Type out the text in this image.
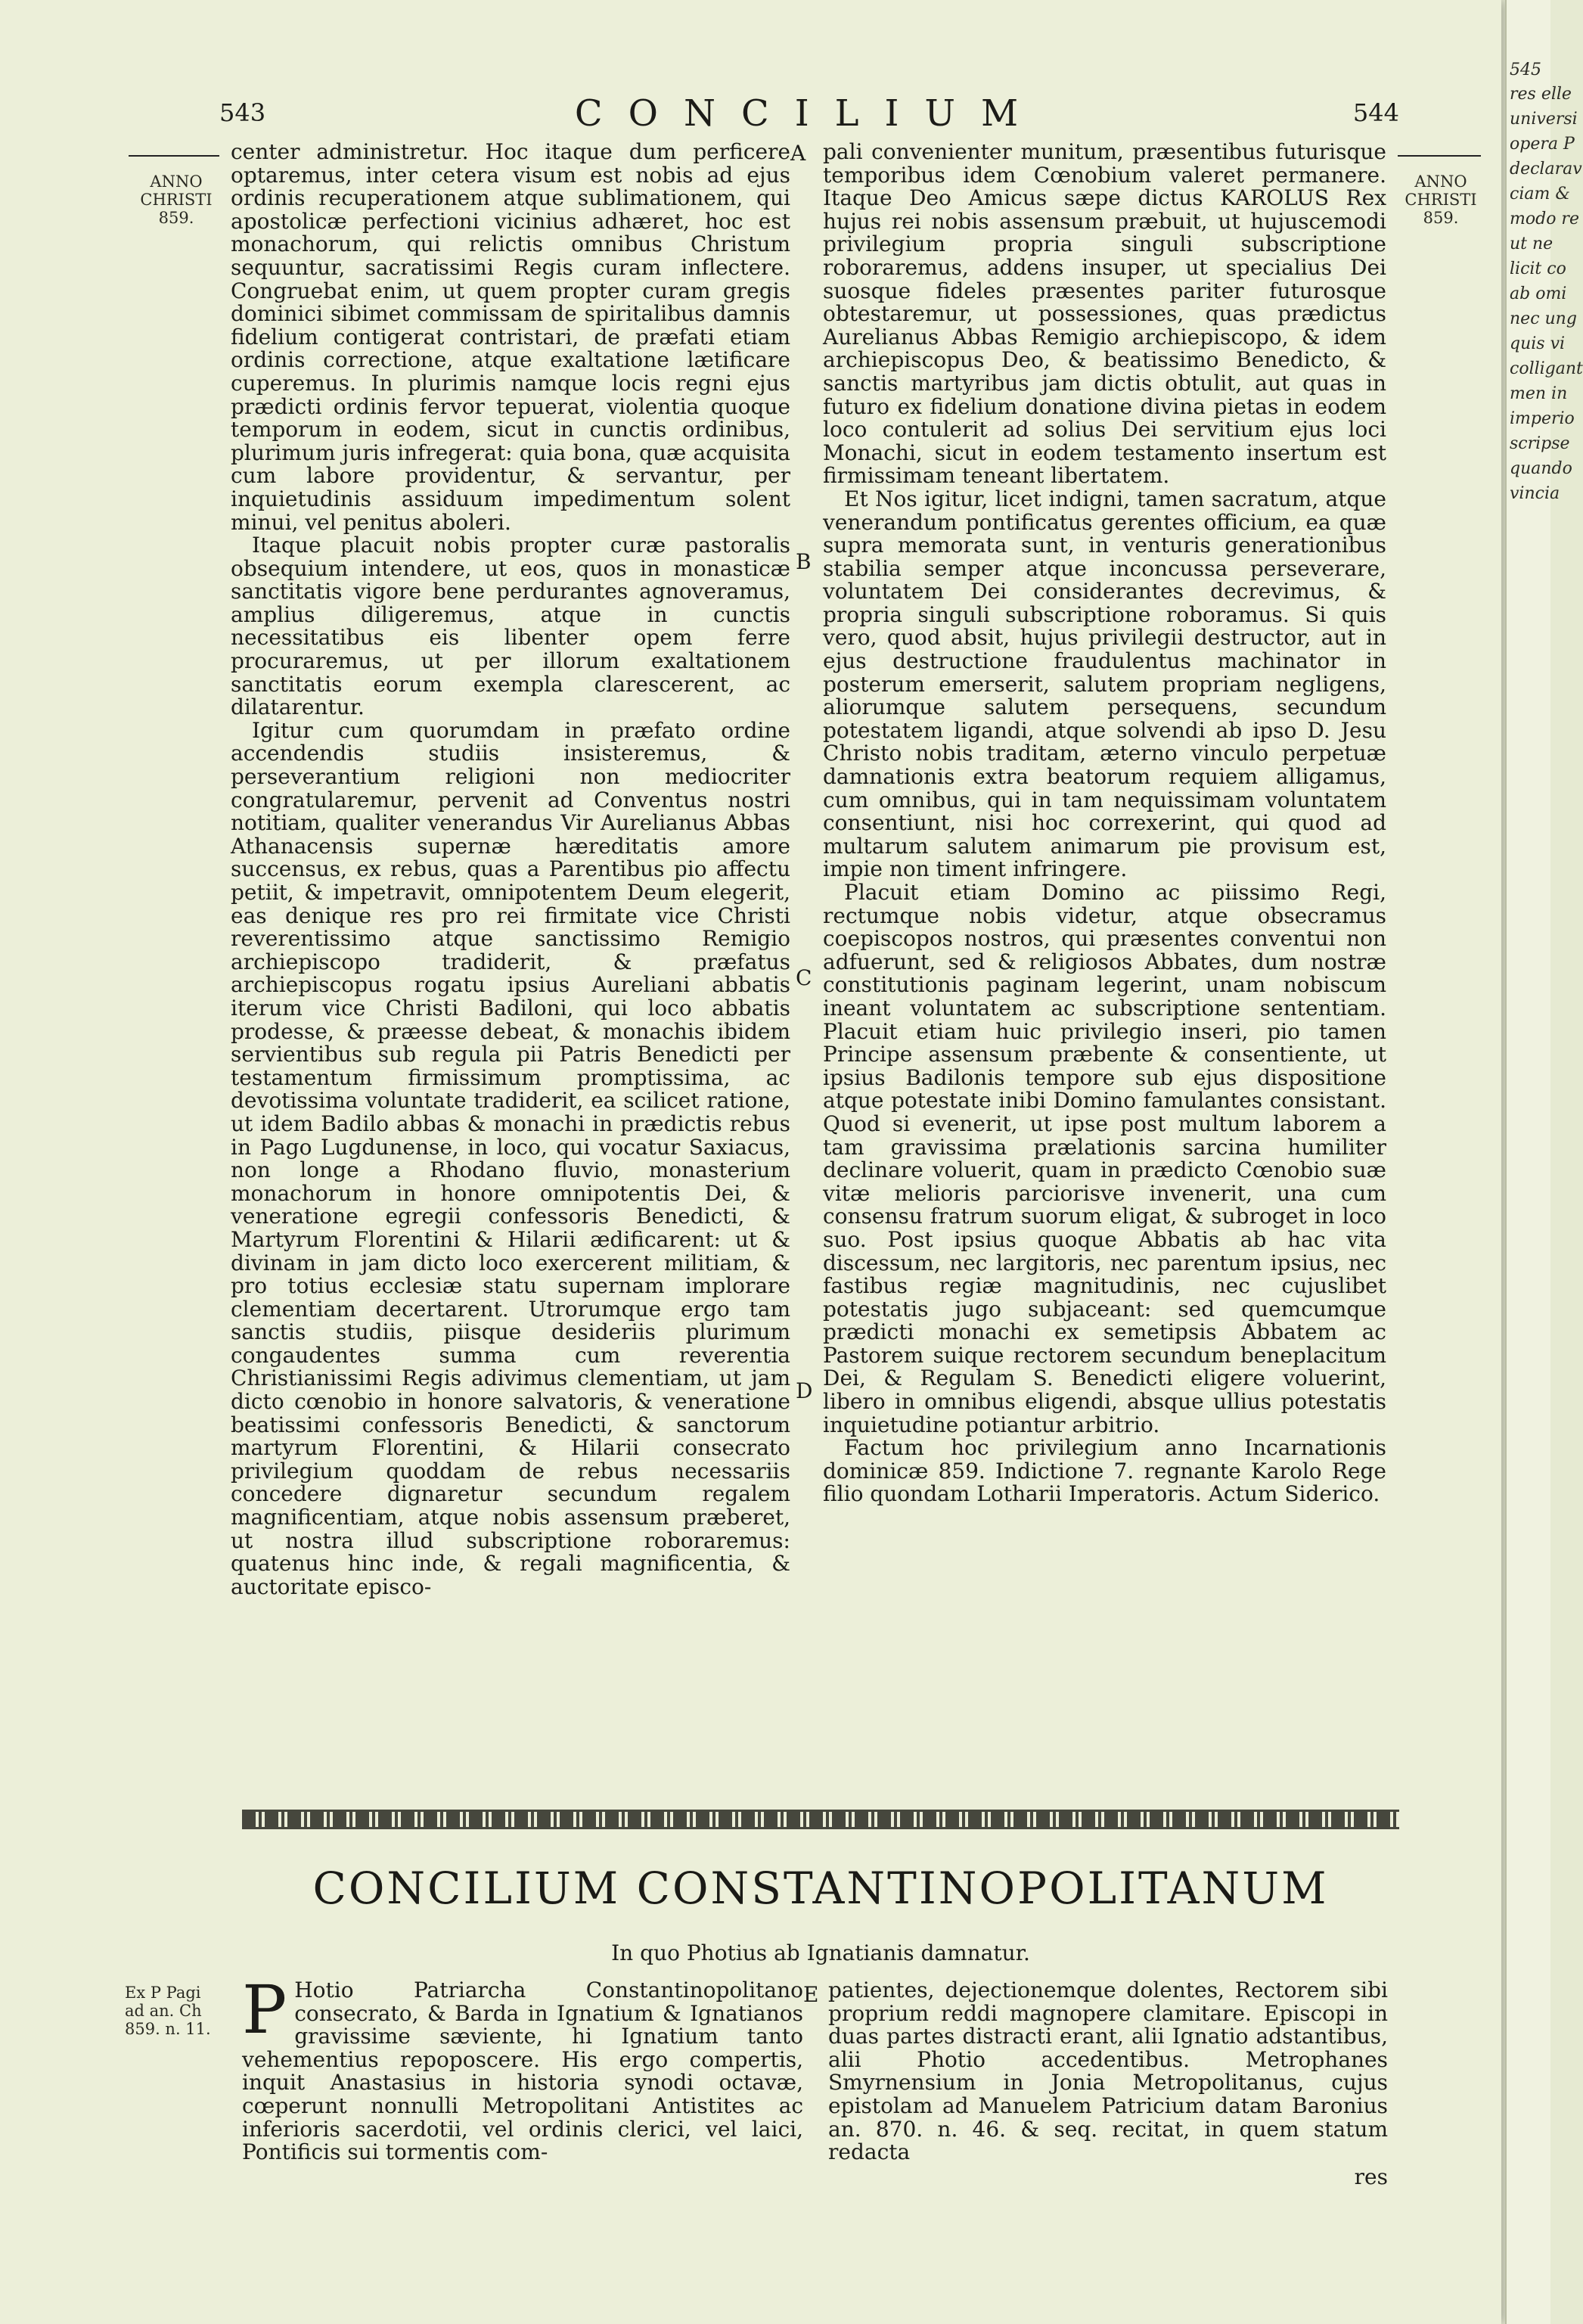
543	CONCILIUM	544
ANNO
CHRISTI
859.
ANNO
CHRISTI
859.
A
B
C
D
E

center administretur. Hoc itaque dum perficere optaremus, inter cetera visum est nobis ad ejus ordinis recuperationem atque sublimationem, qui apostolicæ perfectioni vicinius adhæret, hoc est monachorum, qui relictis omnibus Christum sequuntur, sacratissimi Regis curam inflectere. Congruebat enim, ut quem propter curam gregis dominici sibimet commissam de spiritalibus damnis fidelium contigerat contristari, de præfati etiam ordinis correctione, atque exaltatione lætificare cuperemus. In plurimis namque locis regni ejus prædicti ordinis fervor tepuerat, violentia quoque temporum in eodem, sicut in cunctis ordinibus, plurimum juris infregerat: quia bona, quæ acquisita cum labore providentur, & servantur, per inquietudinis assiduum impedimentum solent minui, vel penitus aboleri.

Itaque placuit nobis propter curæ pastoralis obsequium intendere, ut eos, quos in monasticæ sanctitatis vigore bene perdurantes agnoveramus, amplius diligeremus, atque in cunctis necessitatibus eis libenter opem ferre procuraremus, ut per illorum exaltationem sanctitatis eorum exempla clarescerent, ac dilatarentur.

Igitur cum quorumdam in præfato ordine accendendis studiis insisteremus, & perseverantium religioni non mediocriter congratularemur, pervenit ad Conventus nostri notitiam, qualiter venerandus Vir Aurelianus Abbas Athanacensis supernæ hæreditatis amore succensus, ex rebus, quas a Parentibus pio affectu petiit, & impetravit, omnipotentem Deum elegerit, eas denique res pro rei firmitate vice Christi reverentissimo atque sanctissimo Remigio archiepiscopo tradiderit, & præfatus archiepiscopus rogatu ipsius Aureliani abbatis iterum vice Christi Badiloni, qui loco abbatis prodesse, & præesse debeat, & monachis ibidem servientibus sub regula pii Patris Benedicti per testamentum firmissimum promptissima, ac devotissima voluntate tradiderit, ea scilicet ratione, ut idem Badilo abbas & monachi in prædictis rebus in Pago Lugdunense, in loco, qui vocatur Saxiacus, non longe a Rhodano fluvio, monasterium monachorum in honore omnipotentis Dei, & veneratione egregii confessoris Benedicti, & Martyrum Florentini & Hilarii ædificarent: ut & divinam in jam dicto loco exercerent militiam, & pro totius ecclesiæ statu supernam implorare clementiam decertarent. Utrorumque ergo tam sanctis studiis, piisque desideriis plurimum congaudentes summa cum reverentia Christianissimi Regis adivimus clementiam, ut jam dicto cœnobio in honore salvatoris, & veneratione beatissimi confessoris Benedicti, & sanctorum martyrum Florentini, & Hilarii consecrato privilegium quoddam de rebus necessariis concedere dignaretur secundum regalem magnificentiam, atque nobis assensum præberet, ut nostra illud subscriptione roboraremus: quatenus hinc inde, & regali magnificentia, & auctoritate episco-

pali convenienter munitum, præsentibus futurisque temporibus idem Cœnobium valeret permanere. Itaque Deo Amicus sæpe dictus KAROLUS Rex hujus rei nobis assensum præbuit, ut hujuscemodi privilegium propria singuli subscriptione roboraremus, addens insuper, ut specialius Dei suosque fideles præsentes pariter futurosque obtestaremur, ut possessiones, quas prædictus Aurelianus Abbas Remigio archiepiscopo, & idem archiepiscopus Deo, & beatissimo Benedicto, & sanctis martyribus jam dictis obtulit, aut quas in futuro ex fidelium donatione divina pietas in eodem loco contulerit ad solius Dei servitium ejus loci Monachi, sicut in eodem testamento insertum est firmissimam teneant libertatem.

Et Nos igitur, licet indigni, tamen sacratum, atque venerandum pontificatus gerentes officium, ea quæ supra memorata sunt, in venturis generationibus stabilia semper atque inconcussa perseverare, voluntatem Dei considerantes decrevimus, & propria singuli subscriptione roboramus. Si quis vero, quod absit, hujus privilegii destructor, aut in ejus destructione fraudulentus machinator in posterum emerserit, salutem propriam negligens, aliorumque salutem persequens, secundum potestatem ligandi, atque solvendi ab ipso D. Jesu Christo nobis traditam, æterno vinculo perpetuæ damnationis extra beatorum requiem alligamus, cum omnibus, qui in tam nequissimam voluntatem consentiunt, nisi hoc correxerint, qui quod ad multarum salutem animarum pie provisum est, impie non timent infringere.

Placuit etiam Domino ac piissimo Regi, rectumque nobis videtur, atque obsecramus coepiscopos nostros, qui præsentes conventui non adfuerunt, sed & religiosos Abbates, dum nostræ constitutionis paginam legerint, unam nobiscum ineant voluntatem ac subscriptione sententiam. Placuit etiam huic privilegio inseri, pio tamen Principe assensum præbente & consentiente, ut ipsius Badilonis tempore sub ejus dispositione atque potestate inibi Domino famulantes consistant. Quod si evenerit, ut ipse post multum laborem a tam gravissima prælationis sarcina humiliter declinare voluerit, quam in prædicto Cœnobio suæ vitæ melioris parciorisve invenerit, una cum consensu fratrum suorum eligat, & subroget in loco suo. Post ipsius quoque Abbatis ab hac vita discessum, nec largitoris, nec parentum ipsius, nec fastibus regiæ magnitudinis, nec cujuslibet potestatis jugo subjaceant: sed quemcumque prædicti monachi ex semetipsis Abbatem ac Pastorem suique rectorem secundum beneplacitum Dei, & Regulam S. Benedicti eligere voluerint, libero in omnibus eligendi, absque ullius potestatis inquietudine potiantur arbitrio.

Factum hoc privilegium anno Incarnationis dominicæ 859. Indictione 7. regnante Karolo Rege filio quondam Lotharii Imperatoris. Actum Siderico.

CONCILIUM CONSTANTINOPOLITANUM
In quo Photius ab Ignatianis damnatur.
Ex P Pagi
ad an. Ch
859. n. 11. P Hotio Patriarcha Constantinopolitano consecrato, & Barda in Ignatium & Ignatianos gravissime sæviente, hi Ignatium tanto vehementius repoposcere. His ergo compertis, inquit Anastasius in historia synodi octavæ, cœperunt nonnulli Metropolitani Antistites ac inferioris sacerdotii, vel ordinis clerici, vel laici, Pontificis sui tormentis com-

patientes, dejectionemque dolentes, Rectorem sibi proprium reddi magnopere clamitare. Episcopi in duas partes distracti erant, alii Ignatio adstantibus, alii Photio accedentibus. Metrophanes Smyrnensium in Jonia Metropolitanus, cujus epistolam ad Manuelem Patricium datam Baronius an. 870. n. 46. & seq. recitat, in quem statum redacta

res

545
res elle
universi
opera P
declarav
ciam &
modo re
ut ne
licit co
ab omi
nec ung
quis vi
colligant
men in
imperio
scripse
quando
vincia
